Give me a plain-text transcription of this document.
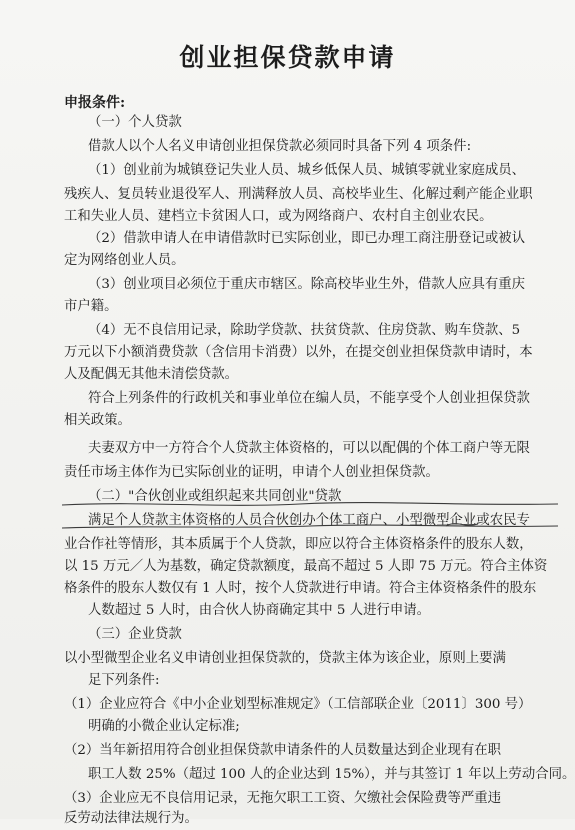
创业担保贷款申请
申报条件:
（一）个人贷款
借款人以个人名义申请创业担保贷款必须同时具备下列 4 项条件:
（1）创业前为城镇登记失业人员、城乡低保人员、城镇零就业家庭成员、
残疾人、复员转业退役军人、刑满释放人员、高校毕业生、化解过剩产能企业职
工和失业人员、建档立卡贫困人口，或为网络商户、农村自主创业农民。
（2）借款申请人在申请借款时已实际创业，即已办理工商注册登记或被认
定为网络创业人员。
（3）创业项目必须位于重庆市辖区。除高校毕业生外，借款人应具有重庆
市户籍。
（4）无不良信用记录，除助学贷款、扶贫贷款、住房贷款、购车贷款、5
万元以下小额消费贷款（含信用卡消费）以外，在提交创业担保贷款申请时，本
人及配偶无其他未清偿贷款。
符合上列条件的行政机关和事业单位在编人员，不能享受个人创业担保贷款
相关政策。
夫妻双方中一方符合个人贷款主体资格的，可以以配偶的个体工商户等无限
责任市场主体作为已实际创业的证明，申请个人创业担保贷款。
（二）"合伙创业或组织起来共同创业"贷款
满足个人贷款主体资格的人员合伙创办个体工商户、小型微型企业或农民专
业合作社等情形，其本质属于个人贷款，即应以符合主体资格条件的股东人数，
以 15 万元／人为基数，确定贷款额度，最高不超过 5 人即 75 万元。符合主体资
格条件的股东人数仅有 1 人时，按个人贷款进行申请。符合主体资格条件的股东
人数超过 5 人时，由合伙人协商确定其中 5 人进行申请。
（三）企业贷款
以小型微型企业名义申请创业担保贷款的，贷款主体为该企业，原则上要满
足下列条件:
（1）企业应符合《中小企业划型标准规定》（工信部联企业〔2011〕300 号）
明确的小微企业认定标准;
（2）当年新招用符合创业担保贷款申请条件的人员数量达到企业现有在职
职工人数 25%（超过 100 人的企业达到 15%），并与其签订 1 年以上劳动合同。
（3）企业应无不良信用记录，无拖欠职工工资、欠缴社会保险费等严重违
反劳动法律法规行为。
